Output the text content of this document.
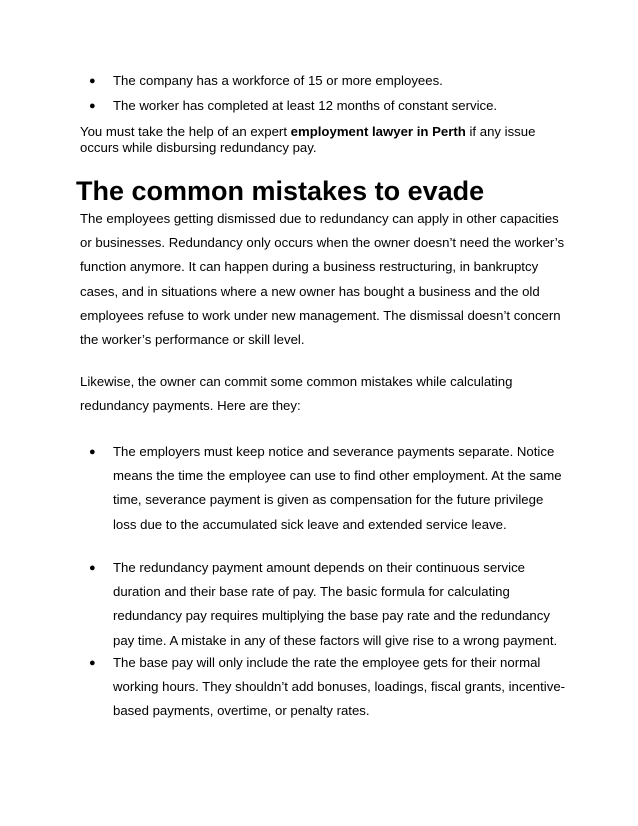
● The company has a workforce of 15 or more employees.
● The worker has completed at least 12 months of constant service.

You must take the help of an expert employment lawyer in Perth if any issue occurs while disbursing redundancy pay.

The common mistakes to evade

The employees getting dismissed due to redundancy can apply in other capacities or businesses. Redundancy only occurs when the owner doesn’t need the worker’s function anymore. It can happen during a business restructuring, in bankruptcy cases, and in situations where a new owner has bought a business and the old employees refuse to work under new management. The dismissal doesn’t concern the worker’s performance or skill level.

Likewise, the owner can commit some common mistakes while calculating redundancy payments. Here are they:

● The employers must keep notice and severance payments separate. Notice means the time the employee can use to find other employment. At the same time, severance payment is given as compensation for the future privilege loss due to the accumulated sick leave and extended service leave.
● The redundancy payment amount depends on their continuous service duration and their base rate of pay. The basic formula for calculating redundancy pay requires multiplying the base pay rate and the redundancy pay time. A mistake in any of these factors will give rise to a wrong payment.
● The base pay will only include the rate the employee gets for their normal working hours. They shouldn’t add bonuses, loadings, fiscal grants, incentive-based payments, overtime, or penalty rates.
